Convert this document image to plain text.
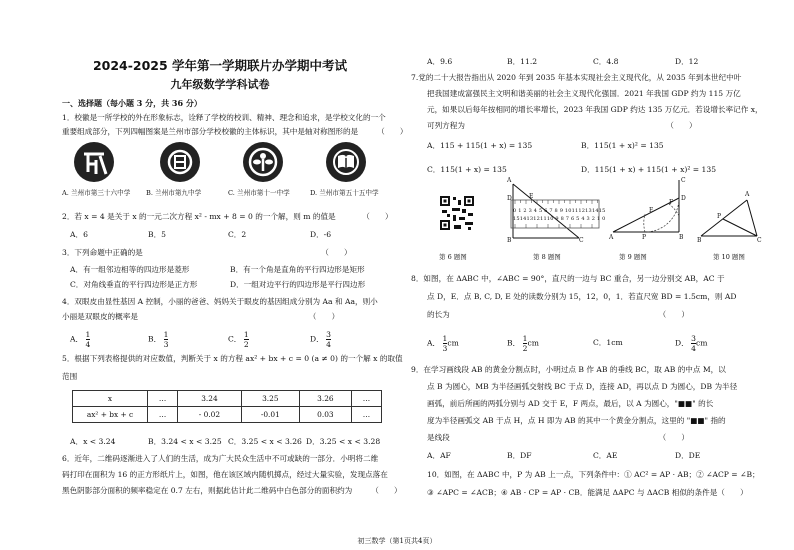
2024-2025 学年第一学期联片办学期中考试
九年级数学学科试卷
一、选择题（每小题 3 分，共 36 分）
1．校徽是一所学校的外在形象标志，诠释了学校的校训、精神、理念和追求，是学校文化的一个
重要组成部分，下列四幅图案是兰州市部分学校校徽的主体标识，其中是轴对称图形的是　　　（　　）
A. 兰州市第三十六中学 B. 兰州市第九中学	C. 兰州市第十一中学	D. 兰州市第五十五中学
2．若 x = 4 是关于 x 的一元二次方程 x² - mx + 8 = 0 的一个解，则 m 的值是　　　　（　　）
A．6	B．5	C．2	D．-6
3．下列命题中正确的是　　　　　　　　　　　　　　　　　　　　　　　　（　　）
A．有一组邻边相等的四边形是菱形	B．有一个角是直角的平行四边形是矩形
C．对角线垂直的平行四边形是正方形	D．一组对边平行的四边形是平行四边形
4．双眼皮由显性基因 A 控制，小丽的爸爸、妈妈关于眼皮的基因组成分别为 Aa 和 Aa，则小
小丽是双眼皮的概率是　　　　　　　　　　　　　　　　　　　　　　　（　　）
A． $\frac{1}{4}$	B． $\frac{1}{3}$	C． $\frac{1}{2}$	D． $\frac{3}{4}$
5．根据下列表格提供的对应数值，判断关于 x 的方程 ax² + bx + c = 0 (a ≠ 0) 的一个解 x 的取值
范围
x	…	3.24	3.25	3.26	…
ax² + bx + c	…	- 0.02	-0.01	0.03	…
A．x < 3.24	B．3.24 < x < 3.25 C．3.25 < x < 3.26 D．3.25 < x < 3.28
6．近年，二维码逐渐进入了人们的生活，成为广大民众生活中不可或缺的一部分．小明将二维
码打印在面积为 16 的正方形纸片上，如图，他在该区域内随机掷点，经过大量实验，发现点落在
黑色阴影部分面积的频率稳定在 0.7 左右，则据此估计此二维码中白色部分的面积约为　　　（　　）
A．9.6	B．11.2	C．4.8	D．12
7.党的二十大报告指出从 2020 年到 2035 年基本实现社会主义现代化，从 2035 年到本世纪中叶
把我国建成富强民主文明和谐美丽的社会主义现代化强国．2021 年我国 GDP 约为 115 万亿
元，如果以后每年按相同的增长率增长，2023 年我国 GDP 约达 135 万亿元．若设增长率记作 x，
可列方程为　　　　　　　　　　　　　　　　　　　　　　　　　　　（　　）
A．115 + 115(1 + x) = 135	B．115(1 + x)² = 135
C．115(1 + x) = 135	D．115(1 + x) + 115(1 + x)² = 135
第 6 题图
A
B	C
D	E
0 1 2 3 4 5 6 7 8 9 101112131415
151413121110 9 8 7 6 5 4 3 2 1 0
第 8 题图
A	B
P
E
C
D
F
第 9 题图
A
B
P
C
第 10 题图
8．如图，在 ΔABC 中，∠ABC = 90°，直尺的一边与 BC 重合，另一边分别交 AB，AC 于
点 D，E．点 B, C, D, E 处的读数分别为 15，12，0，1．若直尺宽 BD = 1.5cm，则 AD
的长为　　　　　　　　　　　　　　　　　　　　　　　　　　　　（　　）
A． $\frac{1}{3}$ cm	B． $\frac{1}{2}$ cm	C．1cm	D． $\frac{3}{4}$ cm
9．在学习画线段 AB 的黄金分割点时，小明过点 B 作 AB 的垂线 BC，取 AB 的中点 M，以
点 B 为圆心，MB 为半径画弧交射线 BC 于点 D，连接 AD，再以点 D 为圆心，DB 为半径
画弧，前后所画的两弧分别与 AD 交于 E，F 两点，最后，以 A 为圆心，"■■" 的长
度为半径画弧交 AB 于点 H，点 H 即为 AB 的其中一个黄金分割点，这里的 "■■" 指的
是线段　　　　　　　　　　　　　　　　　　　　　　　　　　　　（　　）
A．AF	B．DF	C．AE	D．DE
10．如图，在 ΔABC 中，P 为 AB 上一点，下列条件中：① AC² = AP · AB；② ∠ACP = ∠B；
③ ∠APC = ∠ACB；④ AB · CP = AP · CB．能满足 ΔAPC 与 ΔACB 相似的条件是（　　）
初三数学（第1页共4页）
